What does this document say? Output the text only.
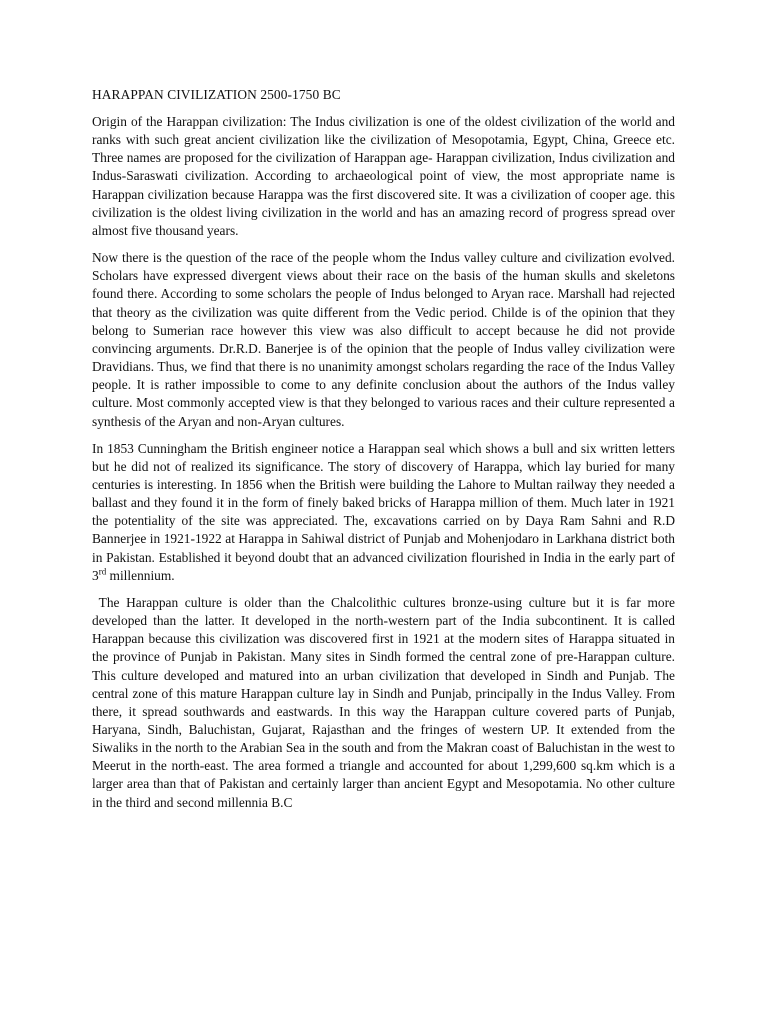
HARAPPAN CIVILIZATION 2500-1750 BC

Origin of the Harappan civilization: The Indus civilization is one of the oldest civilization of the world and ranks with such great ancient civilization like the civilization of Mesopotamia, Egypt, China, Greece etc. Three names are proposed for the civilization of Harappan age- Harappan civilization, Indus civilization and Indus-Saraswati civilization. According to archaeological point of view, the most appropriate name is Harappan civilization because Harappa was the first discovered site. It was a civilization of cooper age. this civilization is the oldest living civilization in the world and has an amazing record of progress spread over almost five thousand years.

Now there is the question of the race of the people whom the Indus valley culture and civilization evolved. Scholars have expressed divergent views about their race on the basis of the human skulls and skeletons found there. According to some scholars the people of Indus belonged to Aryan race. Marshall had rejected that theory as the civilization was quite different from the Vedic period. Childe is of the opinion that they belong to Sumerian race however this view was also difficult to accept because he did not provide convincing arguments. Dr.R.D. Banerjee is of the opinion that the people of Indus valley civilization were Dravidians. Thus, we find that there is no unanimity amongst scholars regarding the race of the Indus Valley people. It is rather impossible to come to any definite conclusion about the authors of the Indus valley culture. Most commonly accepted view is that they belonged to various races and their culture represented a synthesis of the Aryan and non-Aryan cultures.

In 1853 Cunningham the British engineer notice a Harappan seal which shows a bull and six written letters but he did not of realized its significance. The story of discovery of Harappa, which lay buried for many centuries is interesting. In 1856 when the British were building the Lahore to Multan railway they needed a ballast and they found it in the form of finely baked bricks of Harappa million of them. Much later in 1921 the potentiality of the site was appreciated. The, excavations carried on by Daya Ram Sahni and R.D Bannerjee in 1921-1922 at Harappa in Sahiwal district of Punjab and Mohenjodaro in Larkhana district both in Pakistan. Established it beyond doubt that an advanced civilization flourished in India in the early part of 3rd millennium.

The Harappan culture is older than the Chalcolithic cultures bronze-using culture but it is far more developed than the latter. It developed in the north-western part of the India subcontinent. It is called Harappan because this civilization was discovered first in 1921 at the modern sites of Harappa situated in the province of Punjab in Pakistan. Many sites in Sindh formed the central zone of pre-Harappan culture. This culture developed and matured into an urban civilization that developed in Sindh and Punjab. The central zone of this mature Harappan culture lay in Sindh and Punjab, principally in the Indus Valley. From there, it spread southwards and eastwards. In this way the Harappan culture covered parts of Punjab, Haryana, Sindh, Baluchistan, Gujarat, Rajasthan and the fringes of western UP. It extended from the Siwaliks in the north to the Arabian Sea in the south and from the Makran coast of Baluchistan in the west to Meerut in the north-east. The area formed a triangle and accounted for about 1,299,600 sq.km which is a larger area than that of Pakistan and certainly larger than ancient Egypt and Mesopotamia. No other culture in the third and second millennia B.C
